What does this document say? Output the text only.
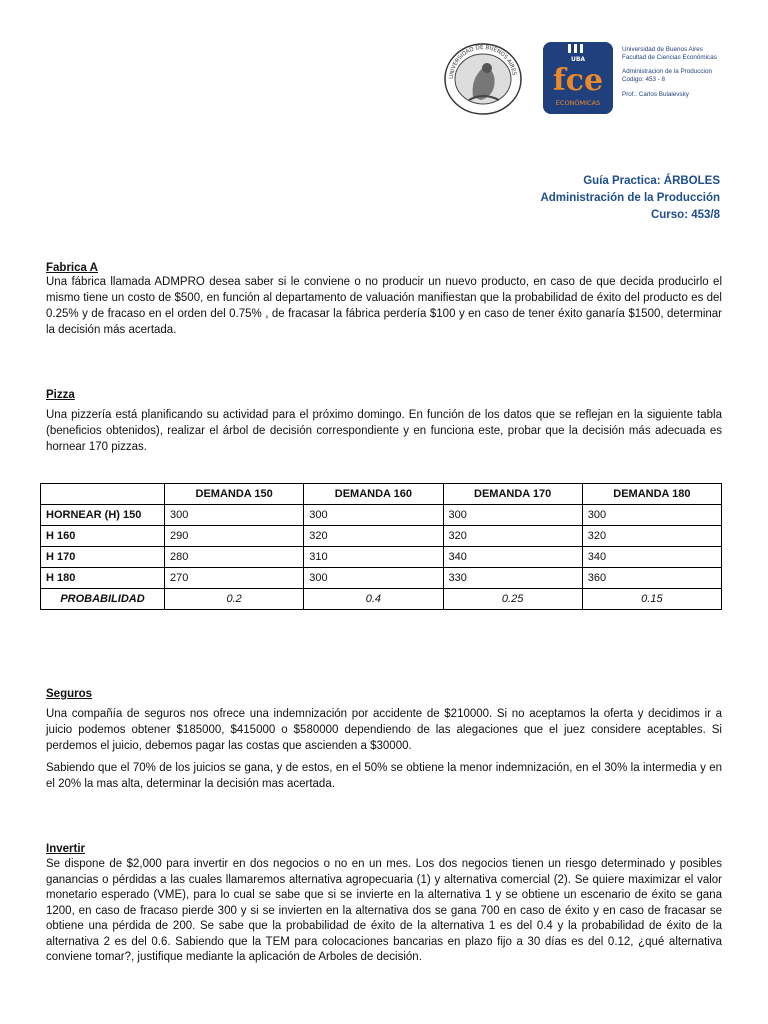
UNIVERSIDAD DE BUENOS AIRES
UBA
fce
ECONÓMICAS
Universidad de Buenos Aires
Facultad de Ciencias Económicas
Administracion de la Produccion
Codigo: 453 - 8
Prof.: Carlos Bulalevsky
Guía Practica: ÁRBOLES
Administración de la Producción
Curso: 453/8

Fabrica A

Una fábrica llamada ADMPRO desea saber si le conviene o no producir un nuevo producto, en caso de que decida producirlo el mismo tiene un costo de $500, en función al departamento de valuación manifiestan que la probabilidad de éxito del producto es del 0.25% y de fracaso en el orden del 0.75% , de fracasar la fábrica perdería $100 y en caso de tener éxito ganaría $1500, determinar la decisión más acertada.

Pizza

Una pizzería está planificando su actividad para el próximo domingo. En función de los datos que se reflejan en la siguiente tabla (beneficios obtenidos), realizar el árbol de decisión correspondiente y en funciona este, probar que la decisión más adecuada es hornear 170 pizzas.

	DEMANDA 150	DEMANDA 160	DEMANDA 170	DEMANDA 180
HORNEAR (H) 150	300	300	300	300
H 160	290	320	320	320
H 170	280	310	340	340
H 180	270	300	330	360
PROBABILIDAD	0.2	0.4	0.25	0.15

Seguros

Una compañía de seguros nos ofrece una indemnización por accidente de $210000. Si no aceptamos la oferta y decidimos ir a juicio podemos obtener $185000, $415000 o $580000 dependiendo de las alegaciones que el juez considere aceptables. Si perdemos el juicio, debemos pagar las costas que ascienden a $30000.

Sabiendo que el 70% de los juicios se gana, y de estos, en el 50% se obtiene la menor indemnización, en el 30% la intermedia y en el 20% la mas alta, determinar la decisión mas acertada.

Invertir

Se dispone de $2,000 para invertir en dos negocios o no en un mes. Los dos negocios tienen un riesgo determinado y posibles ganancias o pérdidas a las cuales llamaremos alternativa agropecuaria (1) y alternativa comercial (2). Se quiere maximizar el valor monetario esperado (VME), para lo cual se sabe que si se invierte en la alternativa 1 y se obtiene un escenario de éxito se gana 1200, en caso de fracaso pierde 300 y si se invierten en la alternativa dos se gana 700 en caso de éxito y en caso de fracasar se obtiene una pérdida de 200. Se sabe que la probabilidad de éxito de la alternativa 1 es del 0.4 y la probabilidad de éxito de la alternativa 2 es del 0.6. Sabiendo que la TEM para colocaciones bancarias en plazo fijo a 30 días es del 0.12, ¿qué alternativa conviene tomar?, justifique mediante la aplicación de Arboles de decisión.
